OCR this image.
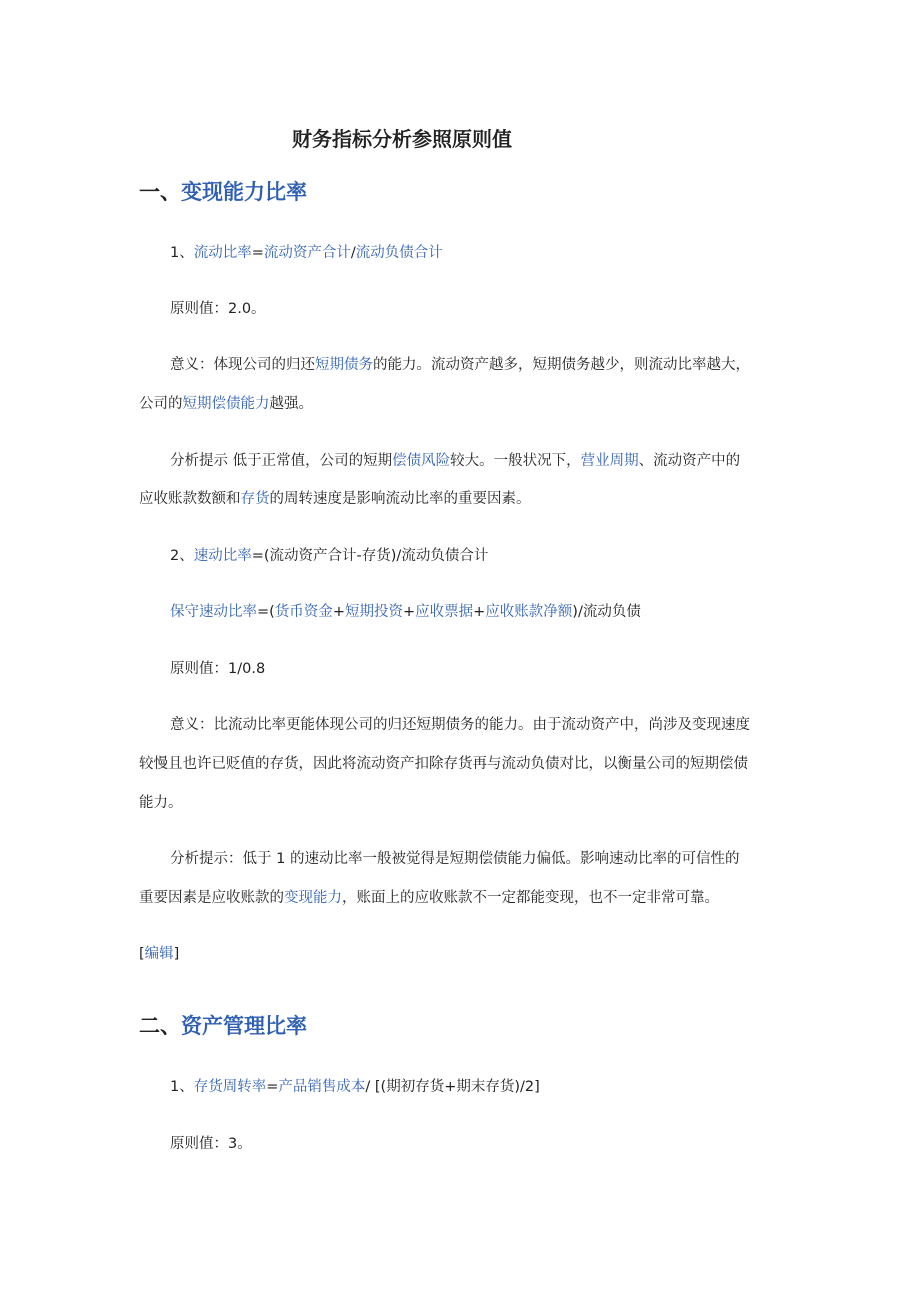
财务指标分析参照原则值
一、变现能力比率
1、流动比率=流动资产合计/流动负债合计
原则值：2.0。
意义：体现公司的归还短期债务的能力。流动资产越多，短期债务越少，则流动比率越大，
公司的短期偿债能力越强。
分析提示 低于正常值，公司的短期偿债风险较大。一般状况下，营业周期、流动资产中的
应收账款数额和存货的周转速度是影响流动比率的重要因素。
2、速动比率=(流动资产合计-存货)/流动负债合计
保守速动比率=(货币资金+短期投资+应收票据+应收账款净额)/流动负债
原则值：1/0.8
意义：比流动比率更能体现公司的归还短期债务的能力。由于流动资产中，尚涉及变现速度
较慢且也许已贬值的存货，因此将流动资产扣除存货再与流动负债对比，以衡量公司的短期偿债
能力。
分析提示：低于 1 的速动比率一般被觉得是短期偿债能力偏低。影响速动比率的可信性的
重要因素是应收账款的变现能力，账面上的应收账款不一定都能变现，也不一定非常可靠。
[编辑]
二、资产管理比率
1、存货周转率=产品销售成本/ [(期初存货+期末存货)/2]
原则值：3。
